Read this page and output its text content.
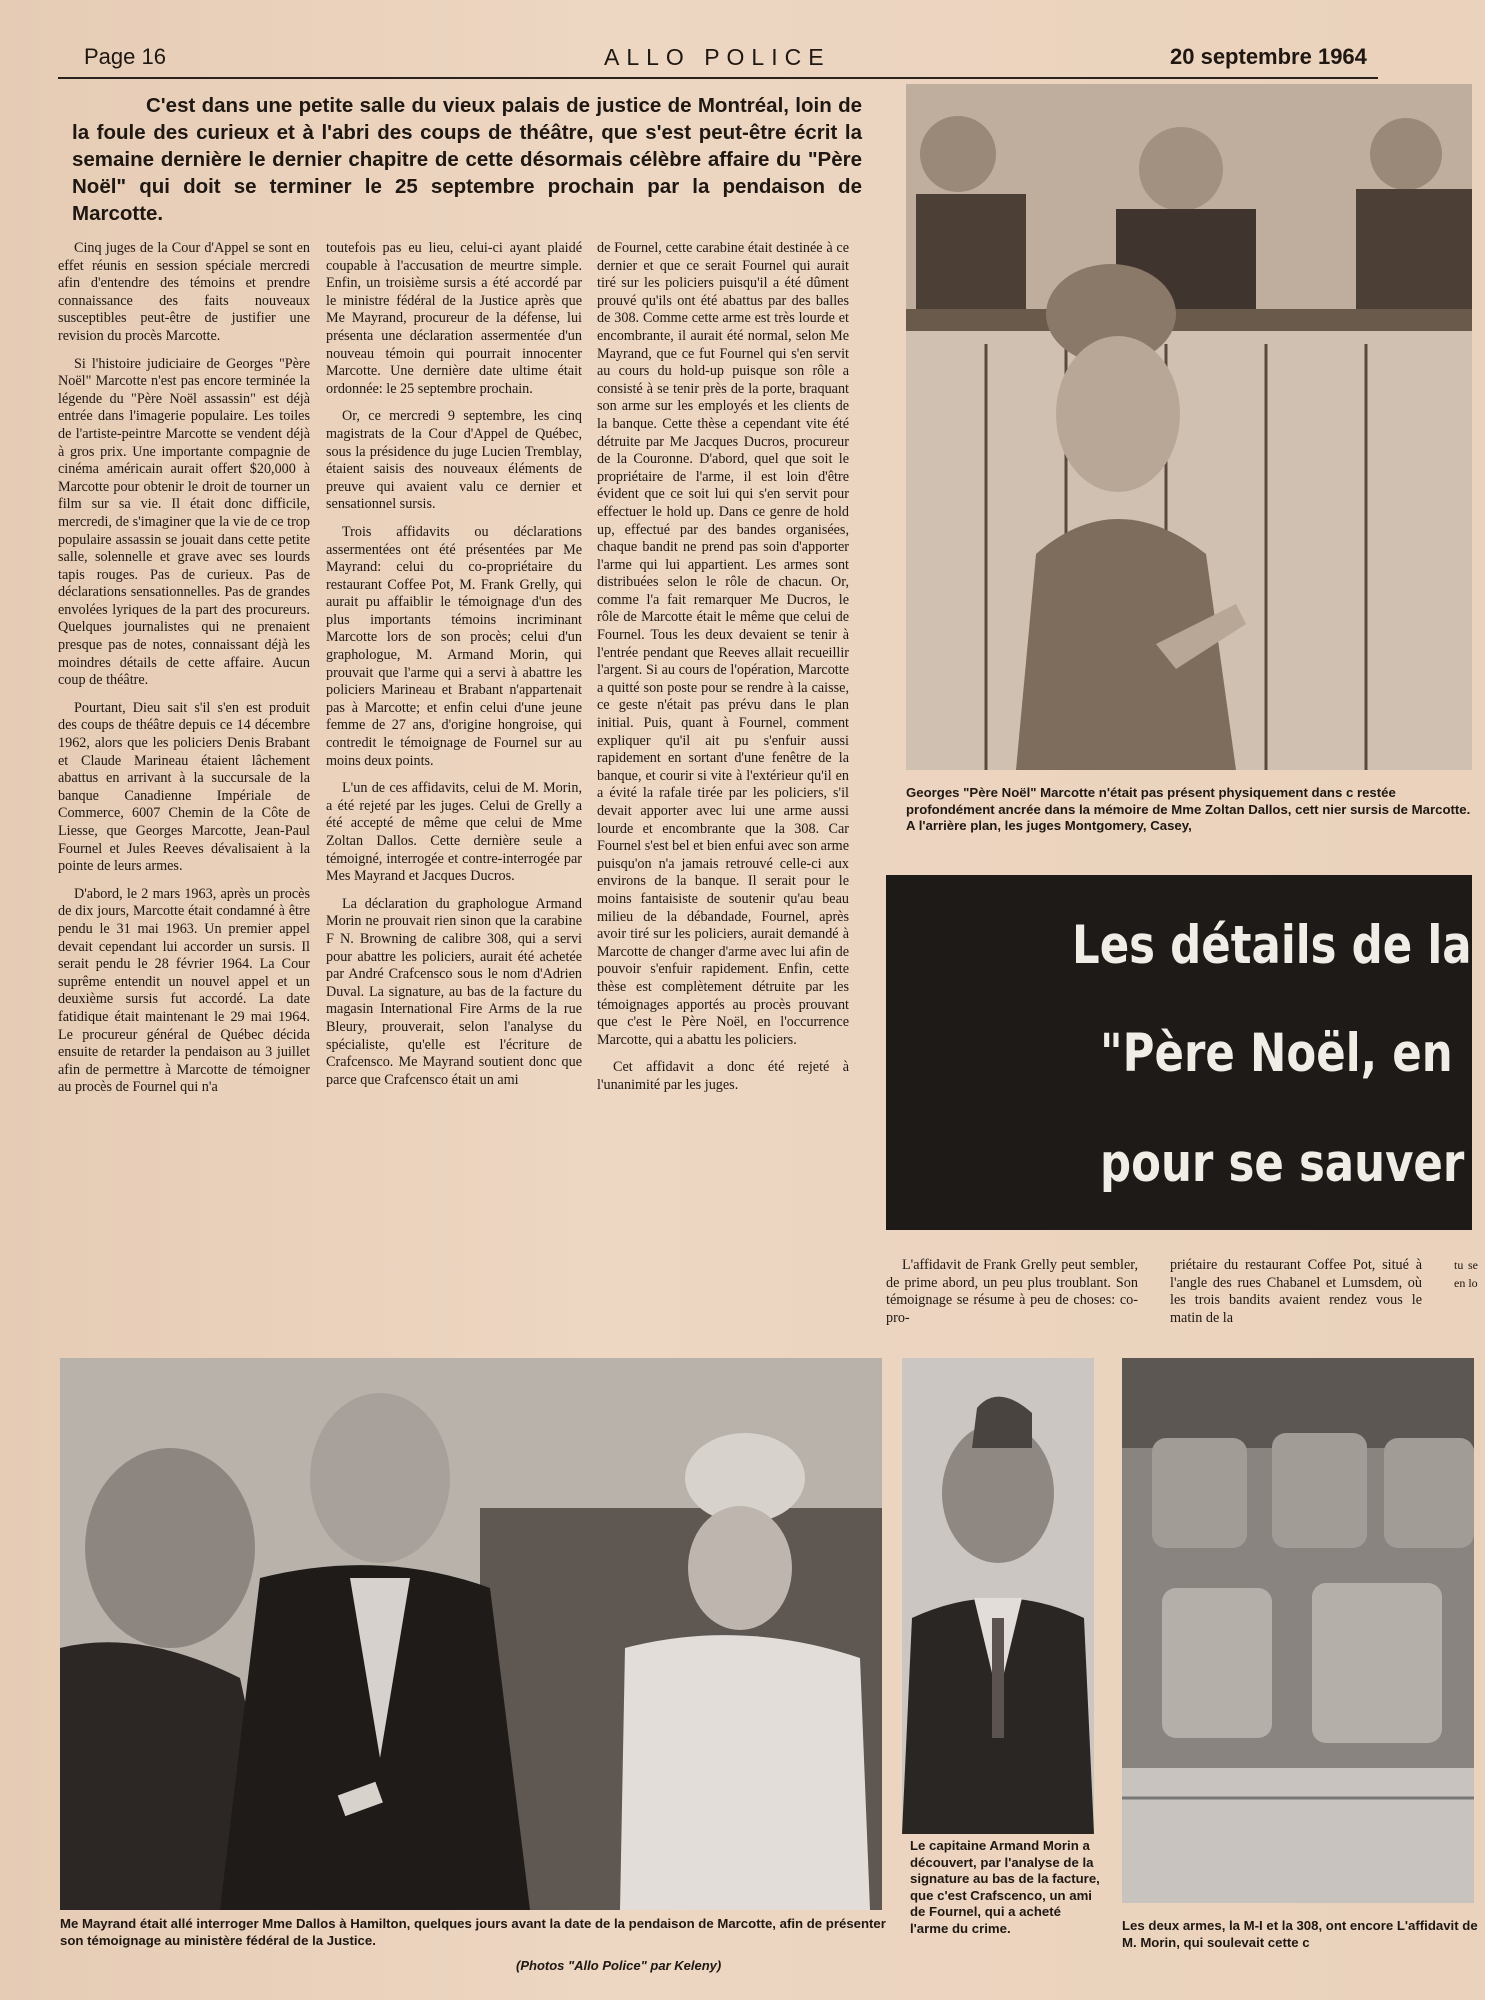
Page 16	ALLO POLICE	20 septembre 1964
C'est dans une petite salle du vieux palais de justice de Montréal, loin de la foule des curieux et à l'abri des coups de théâtre, que s'est peut-être écrit la semaine dernière le dernier chapitre de cette désormais célèbre affaire du "Père Noël" qui doit se terminer le 25 septembre prochain par la pendaison de Marcotte.

Cinq juges de la Cour d'Appel se sont en effet réunis en session spéciale mercredi afin d'entendre des témoins et prendre connaissance des faits nouveaux susceptibles peut-être de justifier une revision du procès Marcotte.

Si l'histoire judiciaire de Georges "Père Noël" Marcotte n'est pas encore terminée la légende du "Père Noël assassin" est déjà entrée dans l'imagerie populaire. Les toiles de l'artiste-peintre Marcotte se vendent déjà à gros prix. Une importante compagnie de cinéma américain aurait offert $20,000 à Marcotte pour obtenir le droit de tourner un film sur sa vie. Il était donc difficile, mercredi, de s'imaginer que la vie de ce trop populaire assassin se jouait dans cette petite salle, solennelle et grave avec ses lourds tapis rouges. Pas de curieux. Pas de déclarations sensationnelles. Pas de grandes envolées lyriques de la part des procureurs. Quelques journalistes qui ne prenaient presque pas de notes, connaissant déjà les moindres détails de cette affaire. Aucun coup de théâtre.

Pourtant, Dieu sait s'il s'en est produit des coups de théâtre depuis ce 14 décembre 1962, alors que les policiers Denis Brabant et Claude Marineau étaient lâchement abattus en arrivant à la succursale de la banque Canadienne Impériale de Commerce, 6007 Chemin de la Côte de Liesse, que Georges Marcotte, Jean-Paul Fournel et Jules Reeves dévalisaient à la pointe de leurs armes.

D'abord, le 2 mars 1963, après un procès de dix jours, Marcotte était condamné à être pendu le 31 mai 1963. Un premier appel devait cependant lui accorder un sursis. Il serait pendu le 28 février 1964. La Cour suprême entendit un nouvel appel et un deuxième sursis fut accordé. La date fatidique était maintenant le 29 mai 1964. Le procureur général de Québec décida ensuite de retarder la pendaison au 3 juillet afin de permettre à Marcotte de témoigner au procès de Fournel qui n'a

toutefois pas eu lieu, celui-ci ayant plaidé coupable à l'accusation de meurtre simple. Enfin, un troisième sursis a été accordé par le ministre fédéral de la Justice après que Me Mayrand, procureur de la défense, lui présenta une déclaration assermentée d'un nouveau témoin qui pourrait innocenter Marcotte. Une dernière date ultime était ordonnée: le 25 septembre prochain.

Or, ce mercredi 9 septembre, les cinq magistrats de la Cour d'Appel de Québec, sous la présidence du juge Lucien Tremblay, étaient saisis des nouveaux éléments de preuve qui avaient valu ce dernier et sensationnel sursis.

Trois affidavits ou déclarations assermentées ont été présentées par Me Mayrand: celui du co-propriétaire du restaurant Coffee Pot, M. Frank Grelly, qui aurait pu affaiblir le témoignage d'un des plus importants témoins incriminant Marcotte lors de son procès; celui d'un graphologue, M. Armand Morin, qui prouvait que l'arme qui a servi à abattre les policiers Marineau et Brabant n'appartenait pas à Marcotte; et enfin celui d'une jeune femme de 27 ans, d'origine hongroise, qui contredit le témoignage de Fournel sur au moins deux points.

L'un de ces affidavits, celui de M. Morin, a été rejeté par les juges. Celui de Grelly a été accepté de même que celui de Mme Zoltan Dallos. Cette dernière seule a témoigné, interrogée et contre-interrogée par Mes Mayrand et Jacques Ducros.

La déclaration du graphologue Armand Morin ne prouvait rien sinon que la carabine F N. Browning de calibre 308, qui a servi pour abattre les policiers, aurait été achetée par André Crafcensco sous le nom d'Adrien Duval. La signature, au bas de la facture du magasin International Fire Arms de la rue Bleury, prouverait, selon l'analyse du spécialiste, qu'elle est l'écriture de Crafcensco. Me Mayrand soutient donc que parce que Crafcensco était un ami

de Fournel, cette carabine était destinée à ce dernier et que ce serait Fournel qui aurait tiré sur les policiers puisqu'il a été dûment prouvé qu'ils ont été abattus par des balles de 308. Comme cette arme est très lourde et encombrante, il aurait été normal, selon Me Mayrand, que ce fut Fournel qui s'en servit au cours du hold-up puisque son rôle a consisté à se tenir près de la porte, braquant son arme sur les employés et les clients de la banque. Cette thèse a cependant vite été détruite par Me Jacques Ducros, procureur de la Couronne. D'abord, quel que soit le propriétaire de l'arme, il est loin d'être évident que ce soit lui qui s'en servit pour effectuer le hold up. Dans ce genre de hold up, effectué par des bandes organisées, chaque bandit ne prend pas soin d'apporter l'arme qui lui appartient. Les armes sont distribuées selon le rôle de chacun. Or, comme l'a fait remarquer Me Ducros, le rôle de Marcotte était le même que celui de Fournel. Tous les deux devaient se tenir à l'entrée pendant que Reeves allait recueillir l'argent. Si au cours de l'opération, Marcotte a quitté son poste pour se rendre à la caisse, ce geste n'était pas prévu dans le plan initial. Puis, quant à Fournel, comment expliquer qu'il ait pu s'enfuir aussi rapidement en sortant d'une fenêtre de la banque, et courir si vite à l'extérieur qu'il en a évité la rafale tirée par les policiers, s'il devait apporter avec lui une arme aussi lourde et encombrante que la 308. Car Fournel s'est bel et bien enfui avec son arme puisqu'on n'a jamais retrouvé celle-ci aux environs de la banque. Il serait pour le moins fantaisiste de soutenir qu'au beau milieu de la débandade, Fournel, après avoir tiré sur les policiers, aurait demandé à Marcotte de changer d'arme avec lui afin de pouvoir s'enfuir rapidement. Enfin, cette thèse est complètement détruite par les témoignages apportés au procès prouvant que c'est le Père Noël, en l'occurrence Marcotte, qui a abattu les policiers.

Cet affidavit a donc été rejeté à l'unanimité par les juges.

Georges "Père Noël" Marcotte n'était pas présent physiquement dans c restée profondément ancrée dans la mémoire de Mme Zoltan Dallos, cett nier sursis de Marcotte. A l'arrière plan, les juges Montgomery, Casey,
Les détails de la
"Père Noël, en
pour se sauver

L'affidavit de Frank Grelly peut sembler, de prime abord, un peu plus troublant. Son témoignage se résume à peu de choses: co-pro-

priétaire du restaurant Coffee Pot, situé à l'angle des rues Chabanel et Lumsdem, où les trois bandits avaient rendez vous le matin de la

tu se en lo

Me Mayrand était allé interroger Mme Dallos à Hamilton, quelques jours avant la date de la pendaison de Marcotte, afin de présenter son témoignage au ministère fédéral de la Justice.
(Photos "Allo Police" par Keleny)
Le capitaine Armand Morin a découvert, par l'analyse de la signature au bas de la facture, que c'est Crafscenco, un ami de Fournel, qui a acheté l'arme du crime.	Les deux armes, la M-I et la 308, ont encore L'affidavit de M. Morin, qui soulevait cette c
